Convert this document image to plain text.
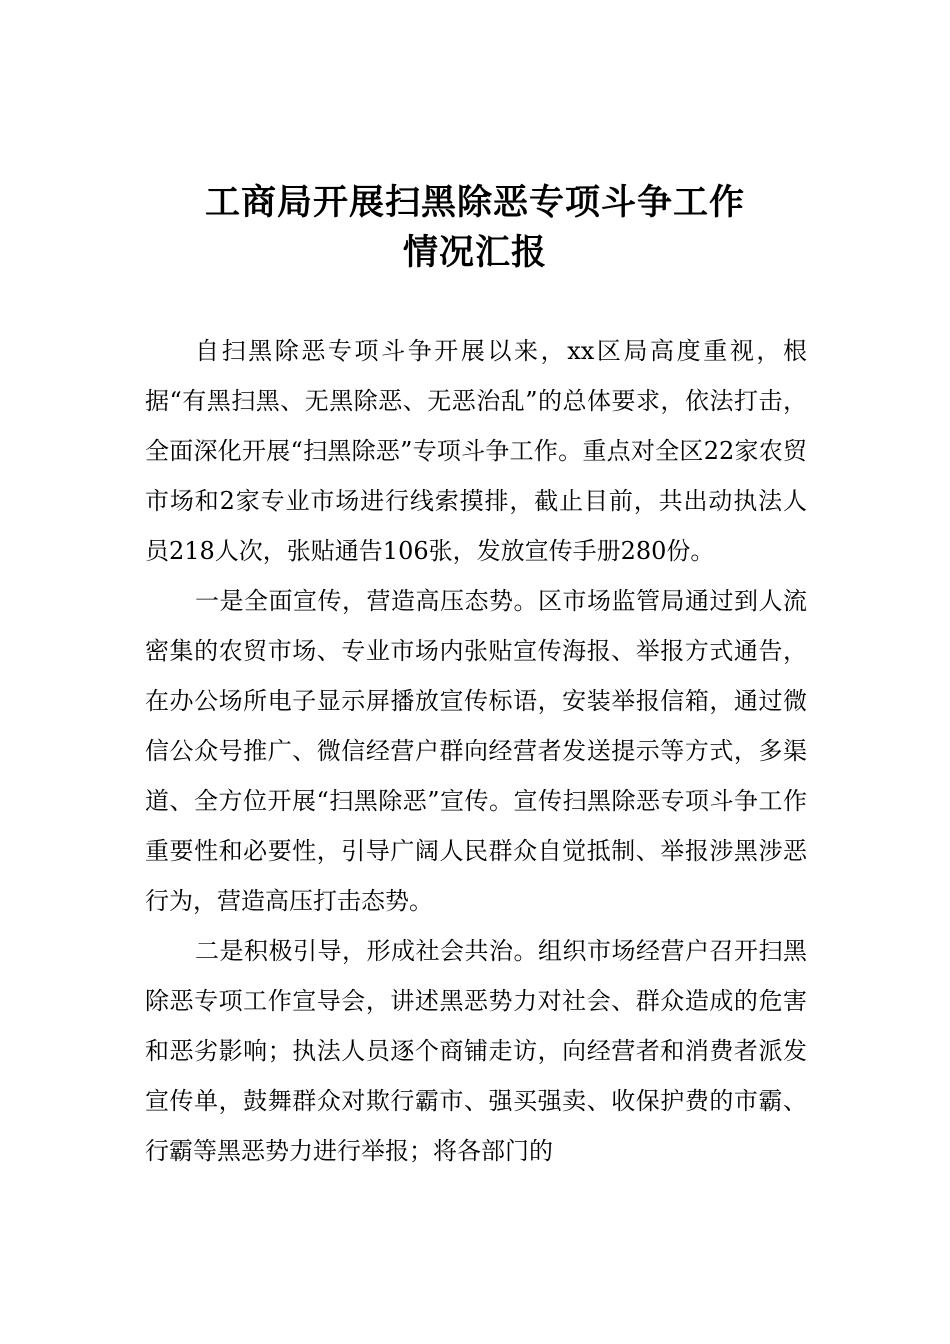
工商局开展扫黑除恶专项斗争工作
情况汇报

自扫黑除恶专项斗争开展以来，xx区局高度重视，根据“有黑扫黑、无黑除恶、无恶治乱”的总体要求，依法打击，全面深化开展“扫黑除恶”专项斗争工作。重点对全区22家农贸市场和2家专业市场进行线索摸排，截止目前，共出动执法人员218人次，张贴通告106张，发放宣传手册280份。

一是全面宣传，营造高压态势。区市场监管局通过到人流密集的农贸市场、专业市场内张贴宣传海报、举报方式通告，在办公场所电子显示屏播放宣传标语，安装举报信箱，通过微信公众号推广、微信经营户群向经营者发送提示等方式，多渠道、全方位开展“扫黑除恶”宣传。宣传扫黑除恶专项斗争工作重要性和必要性，引导广阔人民群众自觉抵制、举报涉黑涉恶行为，营造高压打击态势。

二是积极引导，形成社会共治。组织市场经营户召开扫黑除恶专项工作宣导会，讲述黑恶势力对社会、群众造成的危害和恶劣影响；执法人员逐个商铺走访，向经营者和消费者派发宣传单，鼓舞群众对欺行霸市、强买强卖、收保护费的市霸、行霸等黑恶势力进行举报；将各部门的
